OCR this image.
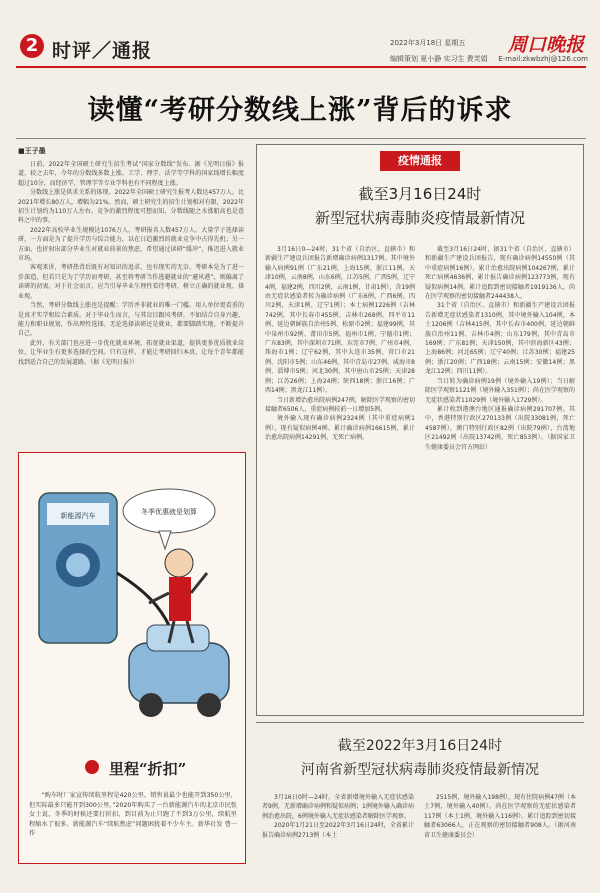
2 时评／通报	2022年3月18日 星期五
编辑策划 夏小静 实习生 费芙娟
周口晚报
E-mail:zkwbzhj@126.com
读懂“考研分数线上涨”背后的诉求
■王子墨

日前，2022年全国硕士研究生招生考试“国家分数线”发布。据《光明日报》报道，较之去年，今年的分数线多数上涨，工学、理学、法学等学科的国家线增长幅度超过10分，而经济学、管理学等专业学科也有不同程度上涨。

分数线上涨是供求关系的体现。2022年全国硕士研究生报考人数达457万人，比2021年增长80万人，增幅为21%。然而，硕士研究生的招生计划相对有限，2022年招生计划约为110万人左右。竞争的激烈程度可想而知，分数线随之水涨船高也是意料之中的事。

2022年高校毕业生规模达1076万人，考研报名人数457万人。大量学子选择读研，一方面是为了提升学历与综合能力，以在日趋激烈的就业竞争中占得先机；另一方面，也折射出部分毕业生对就业前景的焦虑，希望通过读研“缓冲”，推迟进入就业市场。

客观来讲，考研热背后既有对知识的追求，也有现实的无奈。考研本是为了进一步深造，但若只是为了学历而考研，甚至将考研当作逃避就业的“避风港”，则偏离了读研的初衷。对于社会而言，应当引导毕业生理性看待考研，树立正确的就业观、择业观。

当然，考研分数线上涨也是提醒：学历并非就业的唯一门槛。用人单位更看重的是真才实学和综合素质。对于毕业生而言，与其盲目跟风考研，不如结合自身兴趣、能力和职业规划，作出理性选择。无论选择读研还是就业，都要脚踏实地，不断提升自己。

此外，有关部门也应进一步优化就业环境，拓宽就业渠道，提供更多优质就业岗位，让毕业生有更多选择的空间。只有这样，才能让考研回归本真，让每个青年都能找到适合自己的发展道路。（据《光明日报》）

冬季优惠就是划算
新能源汽车
里程“折扣”
“购车时厂家宣传续航里程是420公里，销售说最少也能开到350公里，但实际最多只能开到300公里。”2020年购买了一台新能源汽车的北京市民张女士说，冬季的时候还要打折扣，到目前为止只跑了不到3万公里，续航里程缩水了很多。新能源汽车“续航焦虑”问题困扰着不少车主。新华社发 曹一 作
疫情通报
截至3月16日24时
新型冠状病毒肺炎疫情最新情况

3月16日0—24时，31个省（自治区、直辖市）和新疆生产建设兵团报告新增确诊病例1317例。其中境外输入病例91例（广东21例，上海15例，浙江11例，天津10例，云南8例，山东6例，江苏5例，广西5例，辽宁4例，福建2例，四川2例，云南1例，甘肃1例），含19例由无症状感染者转为确诊病例（广东6例，广西6例，四川2例，天津1例，辽宁1例）；本土病例1226例（吉林742例，其中长春市455例、吉林市268例、四平市11例、延边朝鲜族自治州5例、松原市2例；福建99例，其中泉州市92例、莆田市5例、福州市1例、宁德市1例；广东83例，其中深圳市71例、东莞市7例、广州市4例、珠海市1例；辽宁62例，其中大连市35例、营口市21例、沈阳市5例；山东46例，其中青岛市27例、威海市8例、淄博市5例；河北30例，其中唐山市25例；天津28例；江苏26例；上海24例；陕西18例；浙江16例；广西14例；黑龙江11例）。

当日新增治愈出院病例247例，解除医学观察的密切接触者6506人，重症病例较前一日增加5例。

境外输入现有确诊病例2324例（其中重症病例1例），现有疑似病例4例。累计确诊病例16615例，累计治愈出院病例14291例，无死亡病例。

截至3月16日24时，据31个省（自治区、直辖市）和新疆生产建设兵团报告，现有确诊病例14550例（其中重症病例16例），累计治愈出院病例104267例，累计死亡病例4636例，累计报告确诊病例123773例，现有疑似病例14例。累计追踪到密切接触者1919136人，尚在医学观察的密切接触者244438人。

31个省（自治区、直辖市）和新疆生产建设兵团报告新增无症状感染者1310例，其中境外输入104例，本土1206例（吉林415例，其中长春市400例、延边朝鲜族自治州11例、吉林市4例；山东179例，其中青岛市169例；广东81例；天津150例，其中滨海新区43例；上海86例；河北65例；辽宁40例；江苏30例；福建25例；浙江20例；广西18例；云南15例；安徽14例；黑龙江12例；四川11例）。

当日转为确诊病例19例（境外输入19例）；当日解除医学观察1121例（境外输入351例）；尚在医学观察的无症状感染者11029例（境外输入1729例）。

累计收到港澳台地区通报确诊病例291707例。其中，香港特别行政区270133例（出院33081例，死亡4587例），澳门特别行政区82例（出院79例），台湾地区21492例（出院13742例，死亡853例）。（据国家卫生健康委员会官方网站）

截至2022年3月16日24时
河南省新型冠状病毒肺炎疫情最新情况

3月16日0时—24时，全省新增境外输入无症状感染者9例，无新增确诊病例和疑似病例；1例境外输入确诊病例治愈出院，6例境外输入无症状感染者解除医学观察。

2020年1月21日至2022年3月16日24时，全省累计报告确诊病例2713例（本土

2515例，境外输入198例），现有住院病例47例（本土7例，境外输入40例）。尚在医学观察的无症状感染者117例（本土1例，境外输入116例）。累计追踪到密切接触者63066人，正在观察的密切接触者908人。（据河南省卫生健康委员会）
